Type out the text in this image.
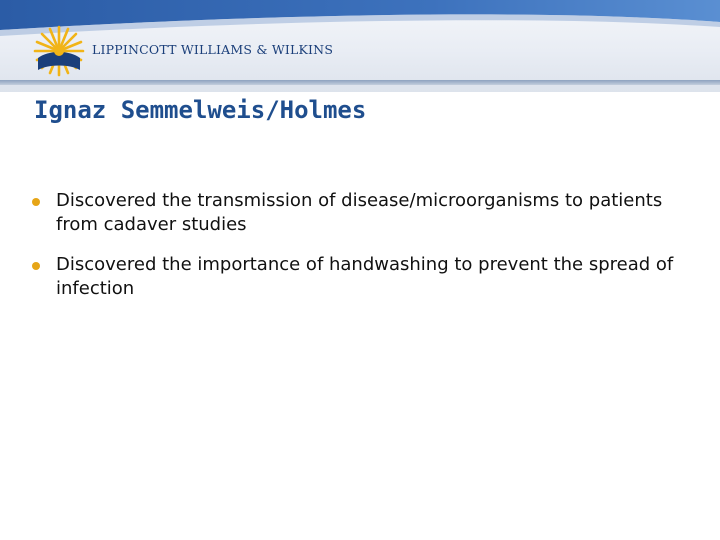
LIPPINCOTT WILLIAMS & WILKINS
Ignaz Semmelweis/Holmes
Discovered the transmission of disease/microorganisms to patients from cadaver studies
Discovered the importance of handwashing to prevent the spread of infection
